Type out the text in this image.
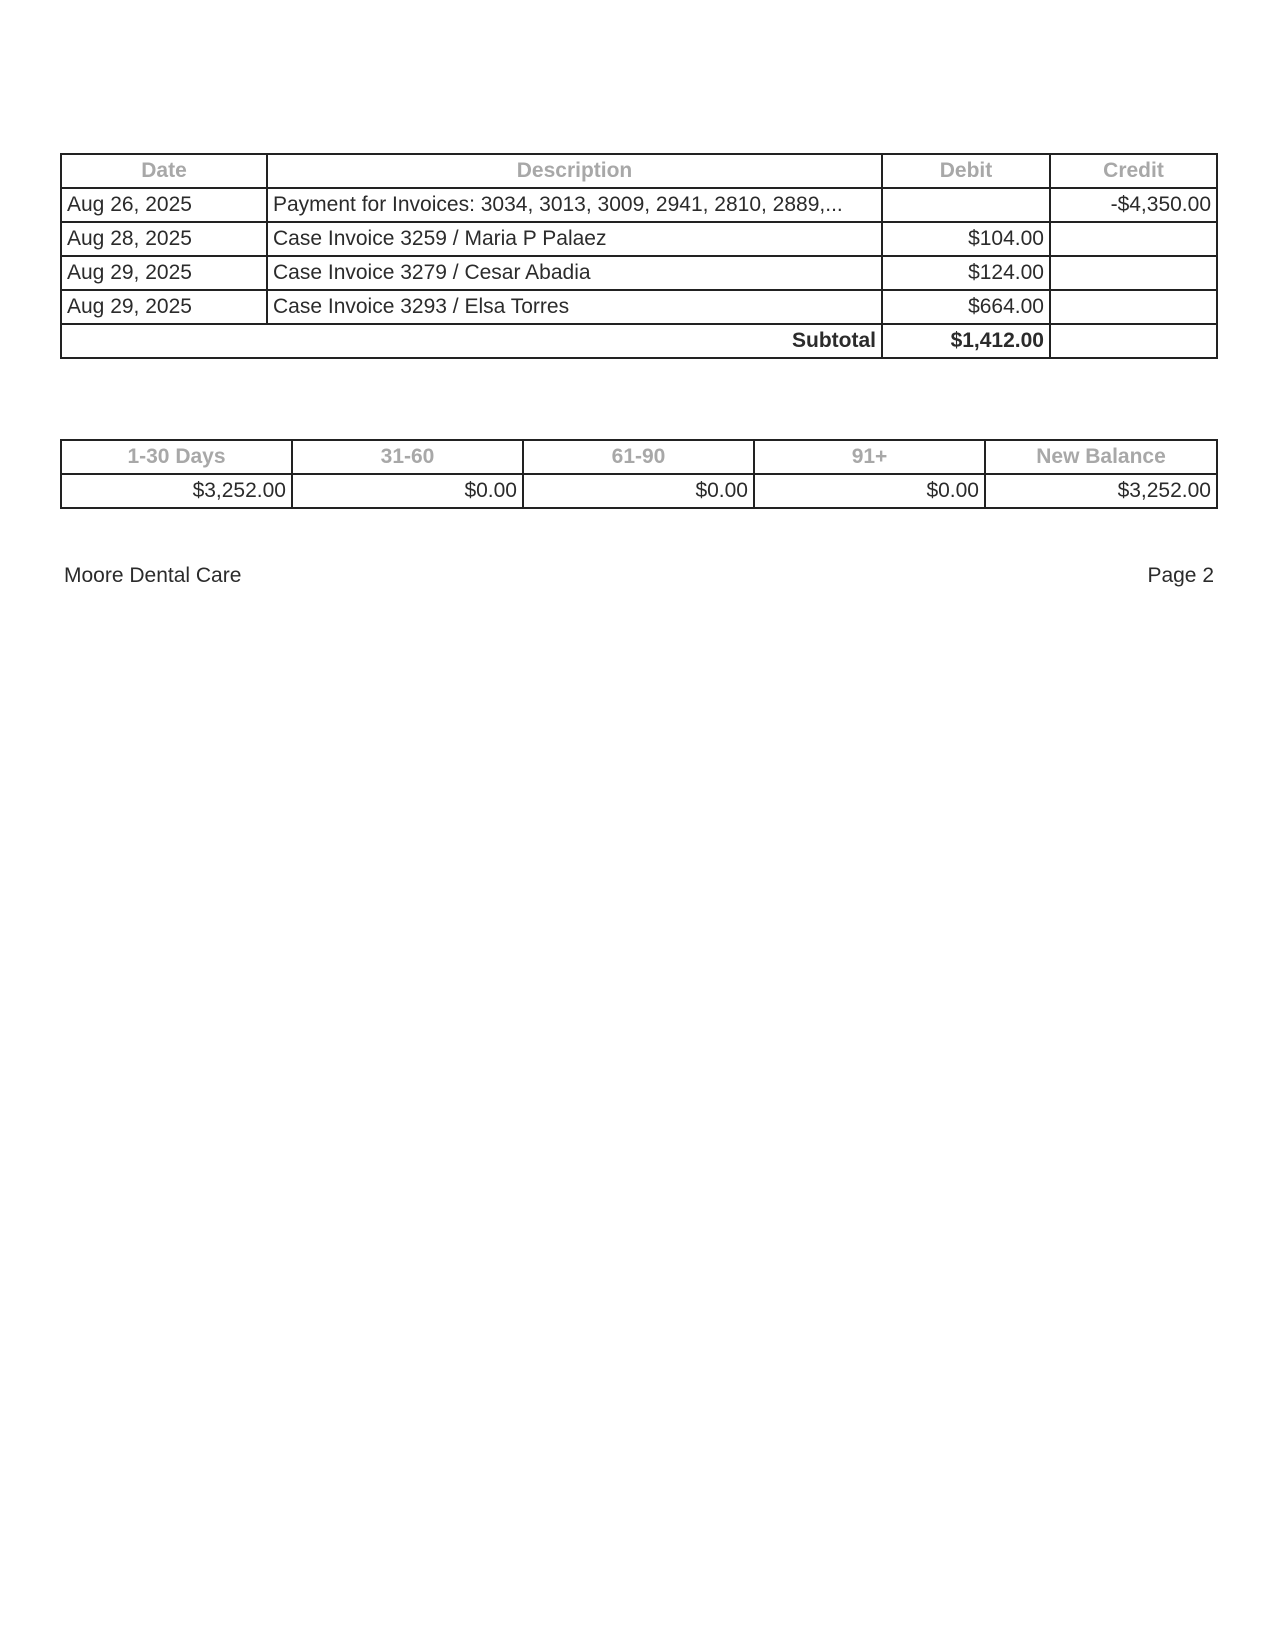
Date	Description	Debit	Credit
Aug 26, 2025	Payment for Invoices: 3034, 3013, 3009, 2941, 2810, 2889,...		-$4,350.00
Aug 28, 2025	Case Invoice 3259 / Maria P Palaez	$104.00	
Aug 29, 2025	Case Invoice 3279 / Cesar Abadia	$124.00	
Aug 29, 2025	Case Invoice 3293 / Elsa Torres	$664.00	
Subtotal		$1,412.00	
1-30 Days	31-60	61-90	91+	New Balance
$3,252.00	$0.00	$0.00	$0.00	$3,252.00
Moore Dental Care	Page 2
